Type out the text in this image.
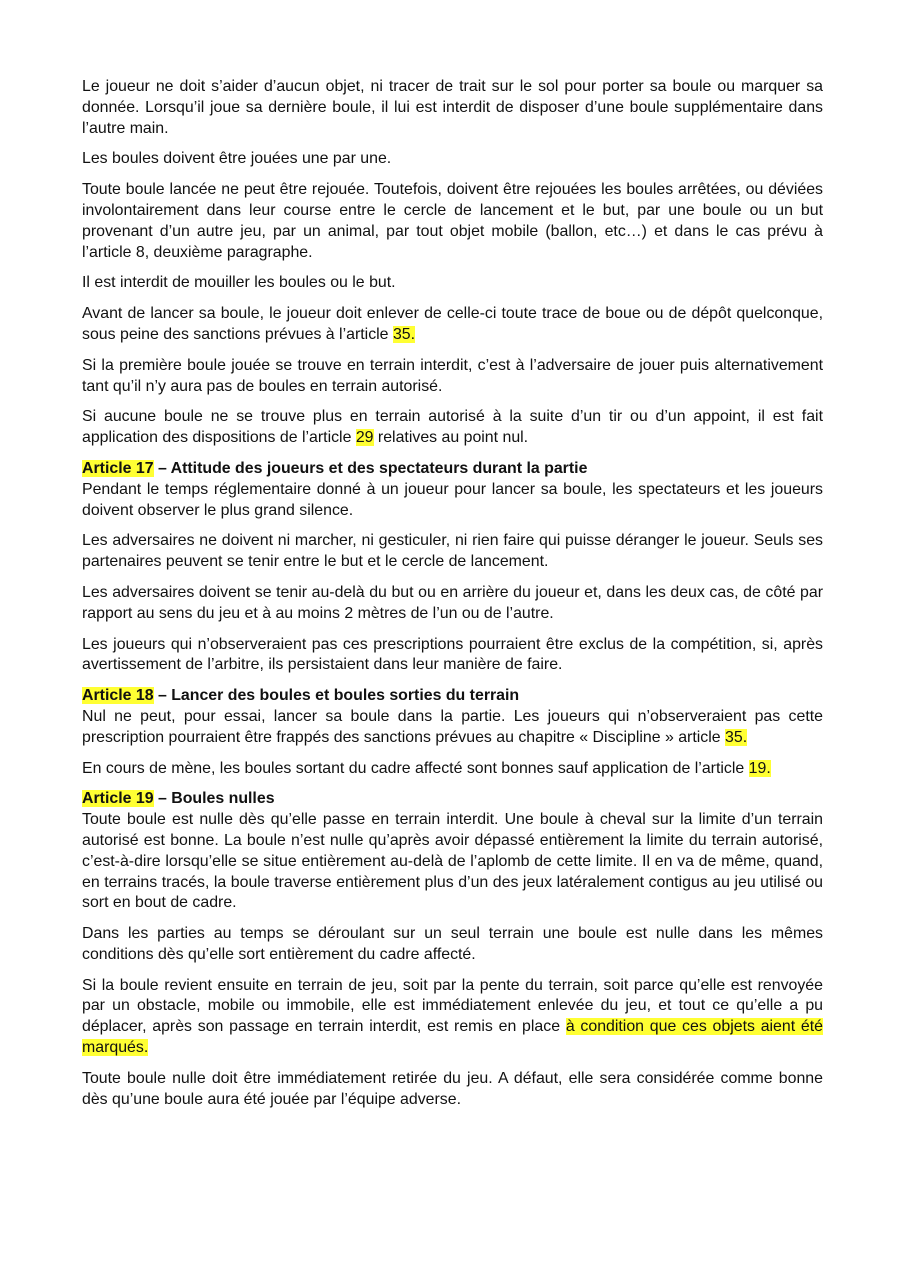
Le joueur ne doit s’aider d’aucun objet, ni tracer de trait sur le sol pour porter sa boule ou marquer sa donnée. Lorsqu’il joue sa dernière boule, il lui est interdit de disposer d’une boule supplémentaire dans l’autre main.

Les boules doivent être jouées une par une.

Toute boule lancée ne peut être rejouée. Toutefois, doivent être rejouées les boules arrêtées, ou déviées involontairement dans leur course entre le cercle de lancement et le but, par une boule ou un but provenant d’un autre jeu, par un animal, par tout objet mobile (ballon, etc…) et dans le cas prévu à l’article 8, deuxième paragraphe.

Il est interdit de mouiller les boules ou le but.

Avant de lancer sa boule, le joueur doit enlever de celle-ci toute trace de boue ou de dépôt quelconque, sous peine des sanctions prévues à l’article 35.

Si la première boule jouée se trouve en terrain interdit, c’est à l’adversaire de jouer puis alternativement tant qu’il n’y aura pas de boules en terrain autorisé.

Si aucune boule ne se trouve plus en terrain autorisé à la suite d’un tir ou d’un appoint, il est fait application des dispositions de l’article 29 relatives au point nul.

Article 17 – Attitude des joueurs et des spectateurs durant la partie

Pendant le temps réglementaire donné à un joueur pour lancer sa boule, les spectateurs et les joueurs doivent observer le plus grand silence.

Les adversaires ne doivent ni marcher, ni gesticuler, ni rien faire qui puisse déranger le joueur. Seuls ses partenaires peuvent se tenir entre le but et le cercle de lancement.

Les adversaires doivent se tenir au-delà du but ou en arrière du joueur et, dans les deux cas, de côté par rapport au sens du jeu et à au moins 2 mètres de l’un ou de l’autre.

Les joueurs qui n’observeraient pas ces prescriptions pourraient être exclus de la compétition, si, après avertissement de l’arbitre, ils persistaient dans leur manière de faire.

Article 18 – Lancer des boules et boules sorties du terrain

Nul ne peut, pour essai, lancer sa boule dans la partie. Les joueurs qui n’observeraient pas cette prescription pourraient être frappés des sanctions prévues au chapitre « Discipline » article 35.

En cours de mène, les boules sortant du cadre affecté sont bonnes sauf application de l’article 19.

Article 19 – Boules nulles

Toute boule est nulle dès qu’elle passe en terrain interdit. Une boule à cheval sur la limite d’un terrain autorisé est bonne. La boule n’est nulle qu’après avoir dépassé entièrement la limite du terrain autorisé, c’est-à-dire lorsqu’elle se situe entièrement au-delà de l’aplomb de cette limite. Il en va de même, quand, en terrains tracés, la boule traverse entièrement plus d’un des jeux latéralement contigus au jeu utilisé ou sort en bout de cadre.

Dans les parties au temps se déroulant sur un seul terrain une boule est nulle dans les mêmes conditions dès qu’elle sort entièrement du cadre affecté.

Si la boule revient ensuite en terrain de jeu, soit par la pente du terrain, soit parce qu’elle est renvoyée par un obstacle, mobile ou immobile, elle est immédiatement enlevée du jeu, et tout ce qu’elle a pu déplacer, après son passage en terrain interdit, est remis en place à condition que ces objets aient été marqués.

Toute boule nulle doit être immédiatement retirée du jeu. A défaut, elle sera considérée comme bonne dès qu’une boule aura été jouée par l’équipe adverse.
